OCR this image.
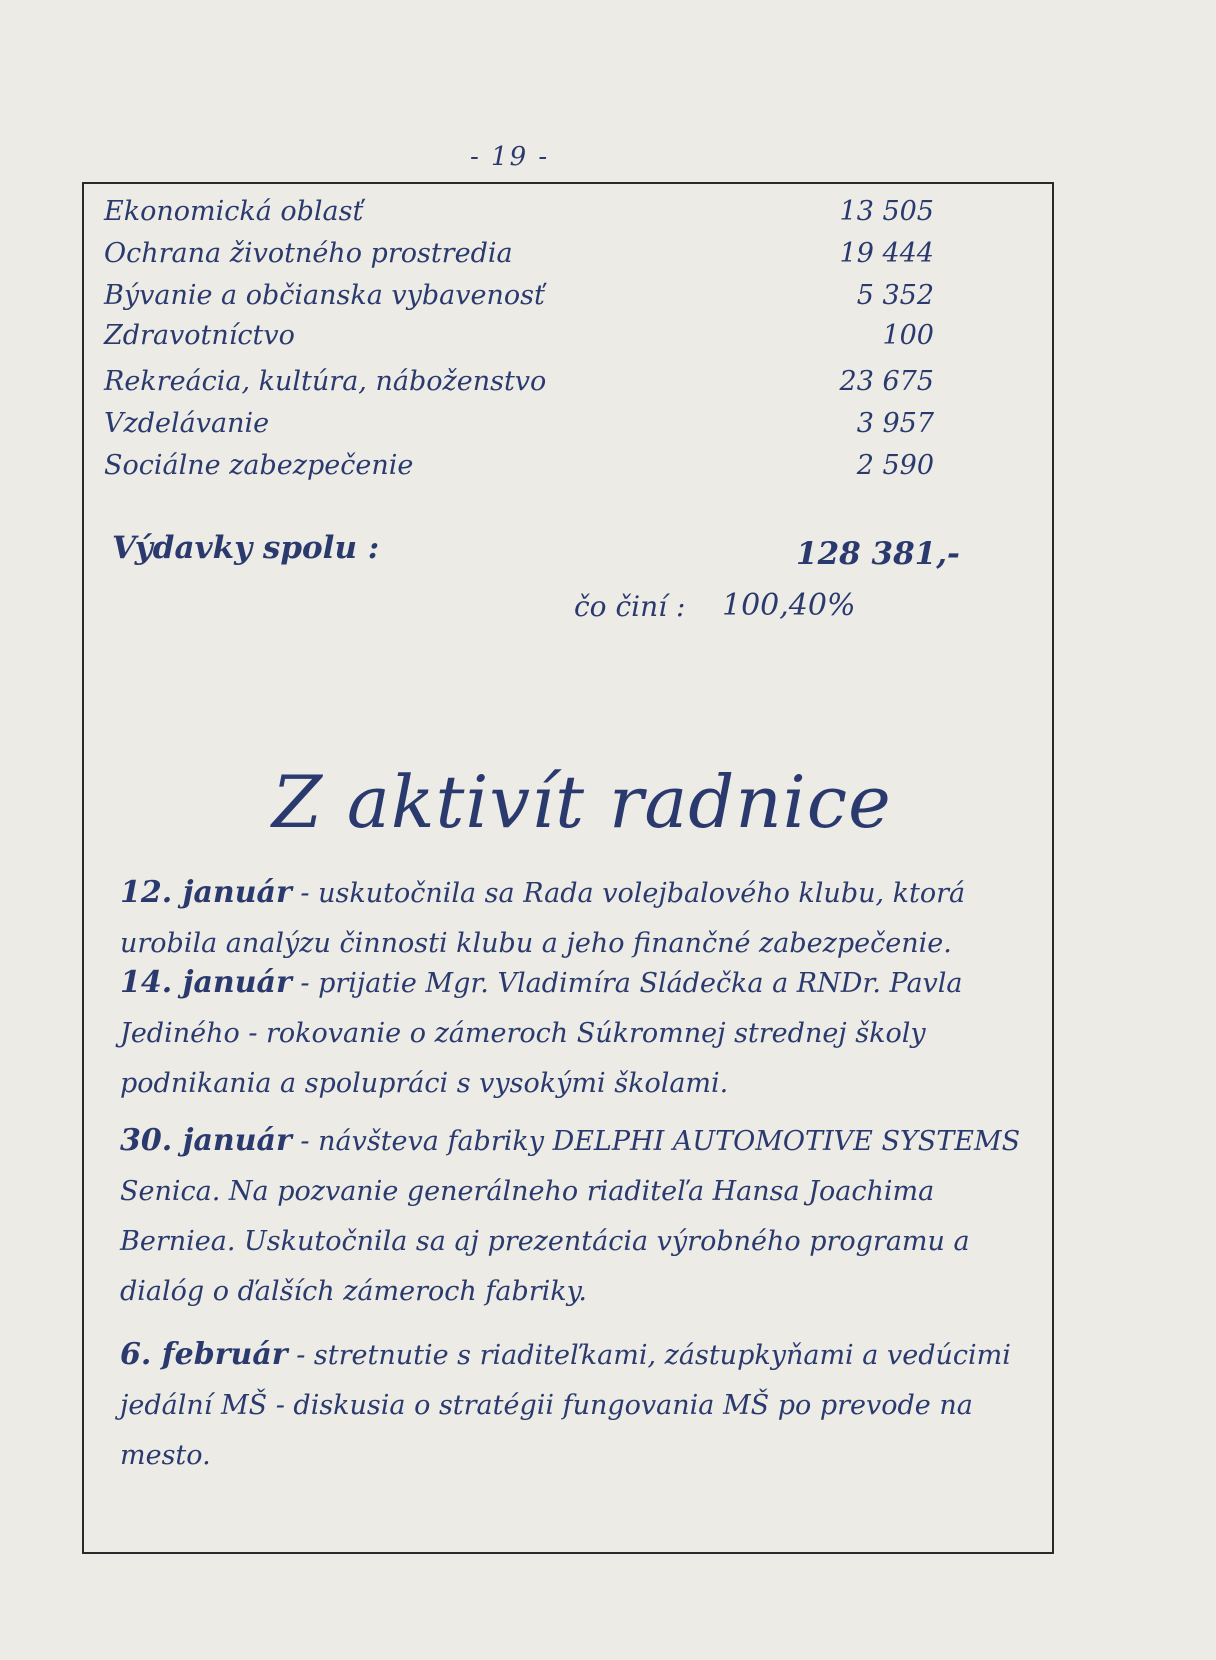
- 19 -
Ekonomická oblasť	13 505
Ochrana životného prostredia	19 444
Bývanie a občianska vybavenosť	5 352
Zdravotníctvo	100
Rekreácia, kultúra, náboženstvo	23 675
Vzdelávanie	3 957
Sociálne zabezpečenie	2 590
Výdavky spolu :	128 381,-
čo činí : 100,40%
Z aktivít radnice
12. január - uskutočnila sa Rada volejbalového klubu, ktorá urobila analýzu činnosti klubu a jeho finančné zabezpečenie.
14. január - prijatie Mgr. Vladimíra Sládečka a RNDr. Pavla Jediného - rokovanie o zámeroch Súkromnej strednej školy podnikania a spolupráci s vysokými školami.
30. január - návšteva fabriky DELPHI AUTOMOTIVE SYSTEMS Senica. Na pozvanie generálneho riaditeľa Hansa Joachima Berniea. Uskutočnila sa aj prezentácia výrobného programu a dialóg o ďalších zámeroch fabriky.
6. február - stretnutie s riaditeľkami, zástupkyňami a vedúcimi jedální MŠ - diskusia o stratégii fungovania MŠ po prevode na mesto.
